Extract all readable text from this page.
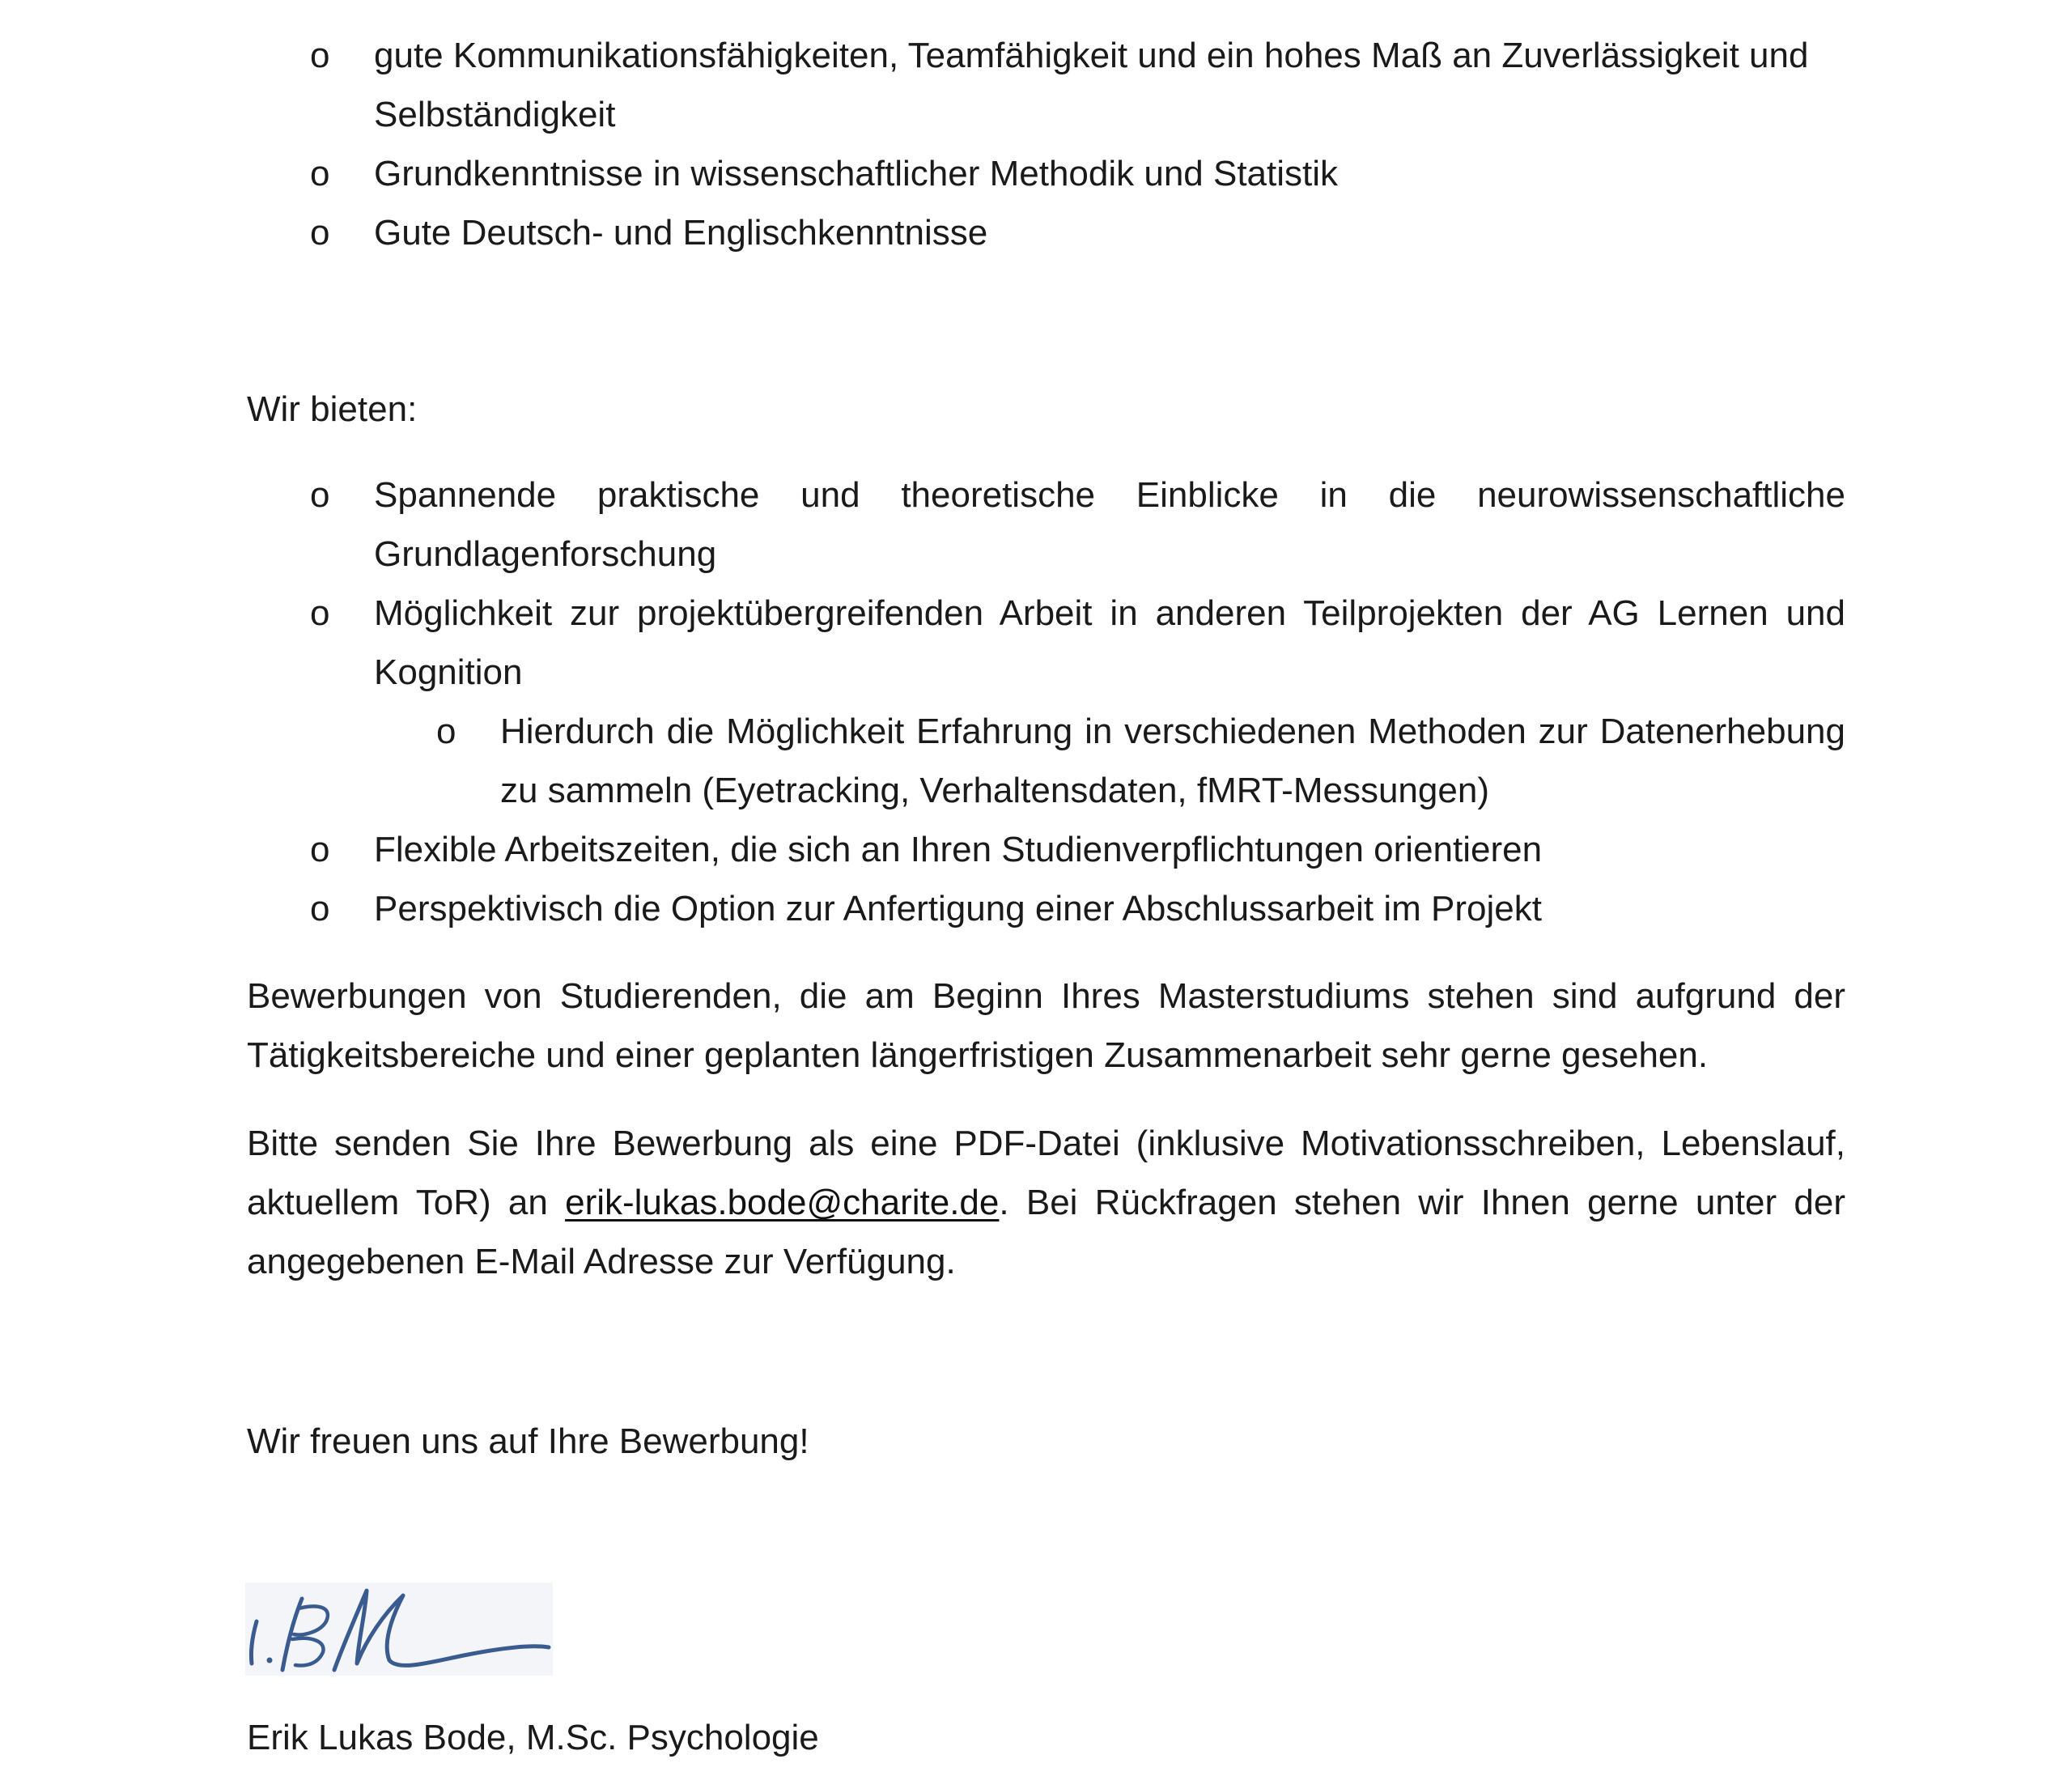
o gute Kommunikationsfähigkeiten, Teamfähigkeit und ein hohes Maß an Zuverlässigkeit und Selbständigkeit
o Grundkenntnisse in wissenschaftlicher Methodik und Statistik
o Gute Deutsch- und Englischkenntnisse
Wir bieten:
o Spannende praktische und theoretische Einblicke in die neurowissenschaftliche Grundlagenforschung
o Möglichkeit zur projektübergreifenden Arbeit in anderen Teilprojekten der AG Lernen und Kognition
o Hierdurch die Möglichkeit Erfahrung in verschiedenen Methoden zur Datenerhebung zu sammeln (Eyetracking, Verhaltensdaten, fMRT-Messungen)
o Flexible Arbeitszeiten, die sich an Ihren Studienverpflichtungen orientieren
o Perspektivisch die Option zur Anfertigung einer Abschlussarbeit im Projekt

Bewerbungen von Studierenden, die am Beginn Ihres Masterstudiums stehen sind aufgrund der Tätigkeitsbereiche und einer geplanten längerfristigen Zusammenarbeit sehr gerne gesehen.

Bitte senden Sie Ihre Bewerbung als eine PDF-Datei (inklusive Motivationsschreiben, Lebenslauf, aktuellem ToR) an erik-lukas.bode@charite.de. Bei Rückfragen stehen wir Ihnen gerne unter der angegebenen E-Mail Adresse zur Verfügung.

Wir freuen uns auf Ihre Bewerbung!

Erik Lukas Bode, M.Sc. Psychologie
